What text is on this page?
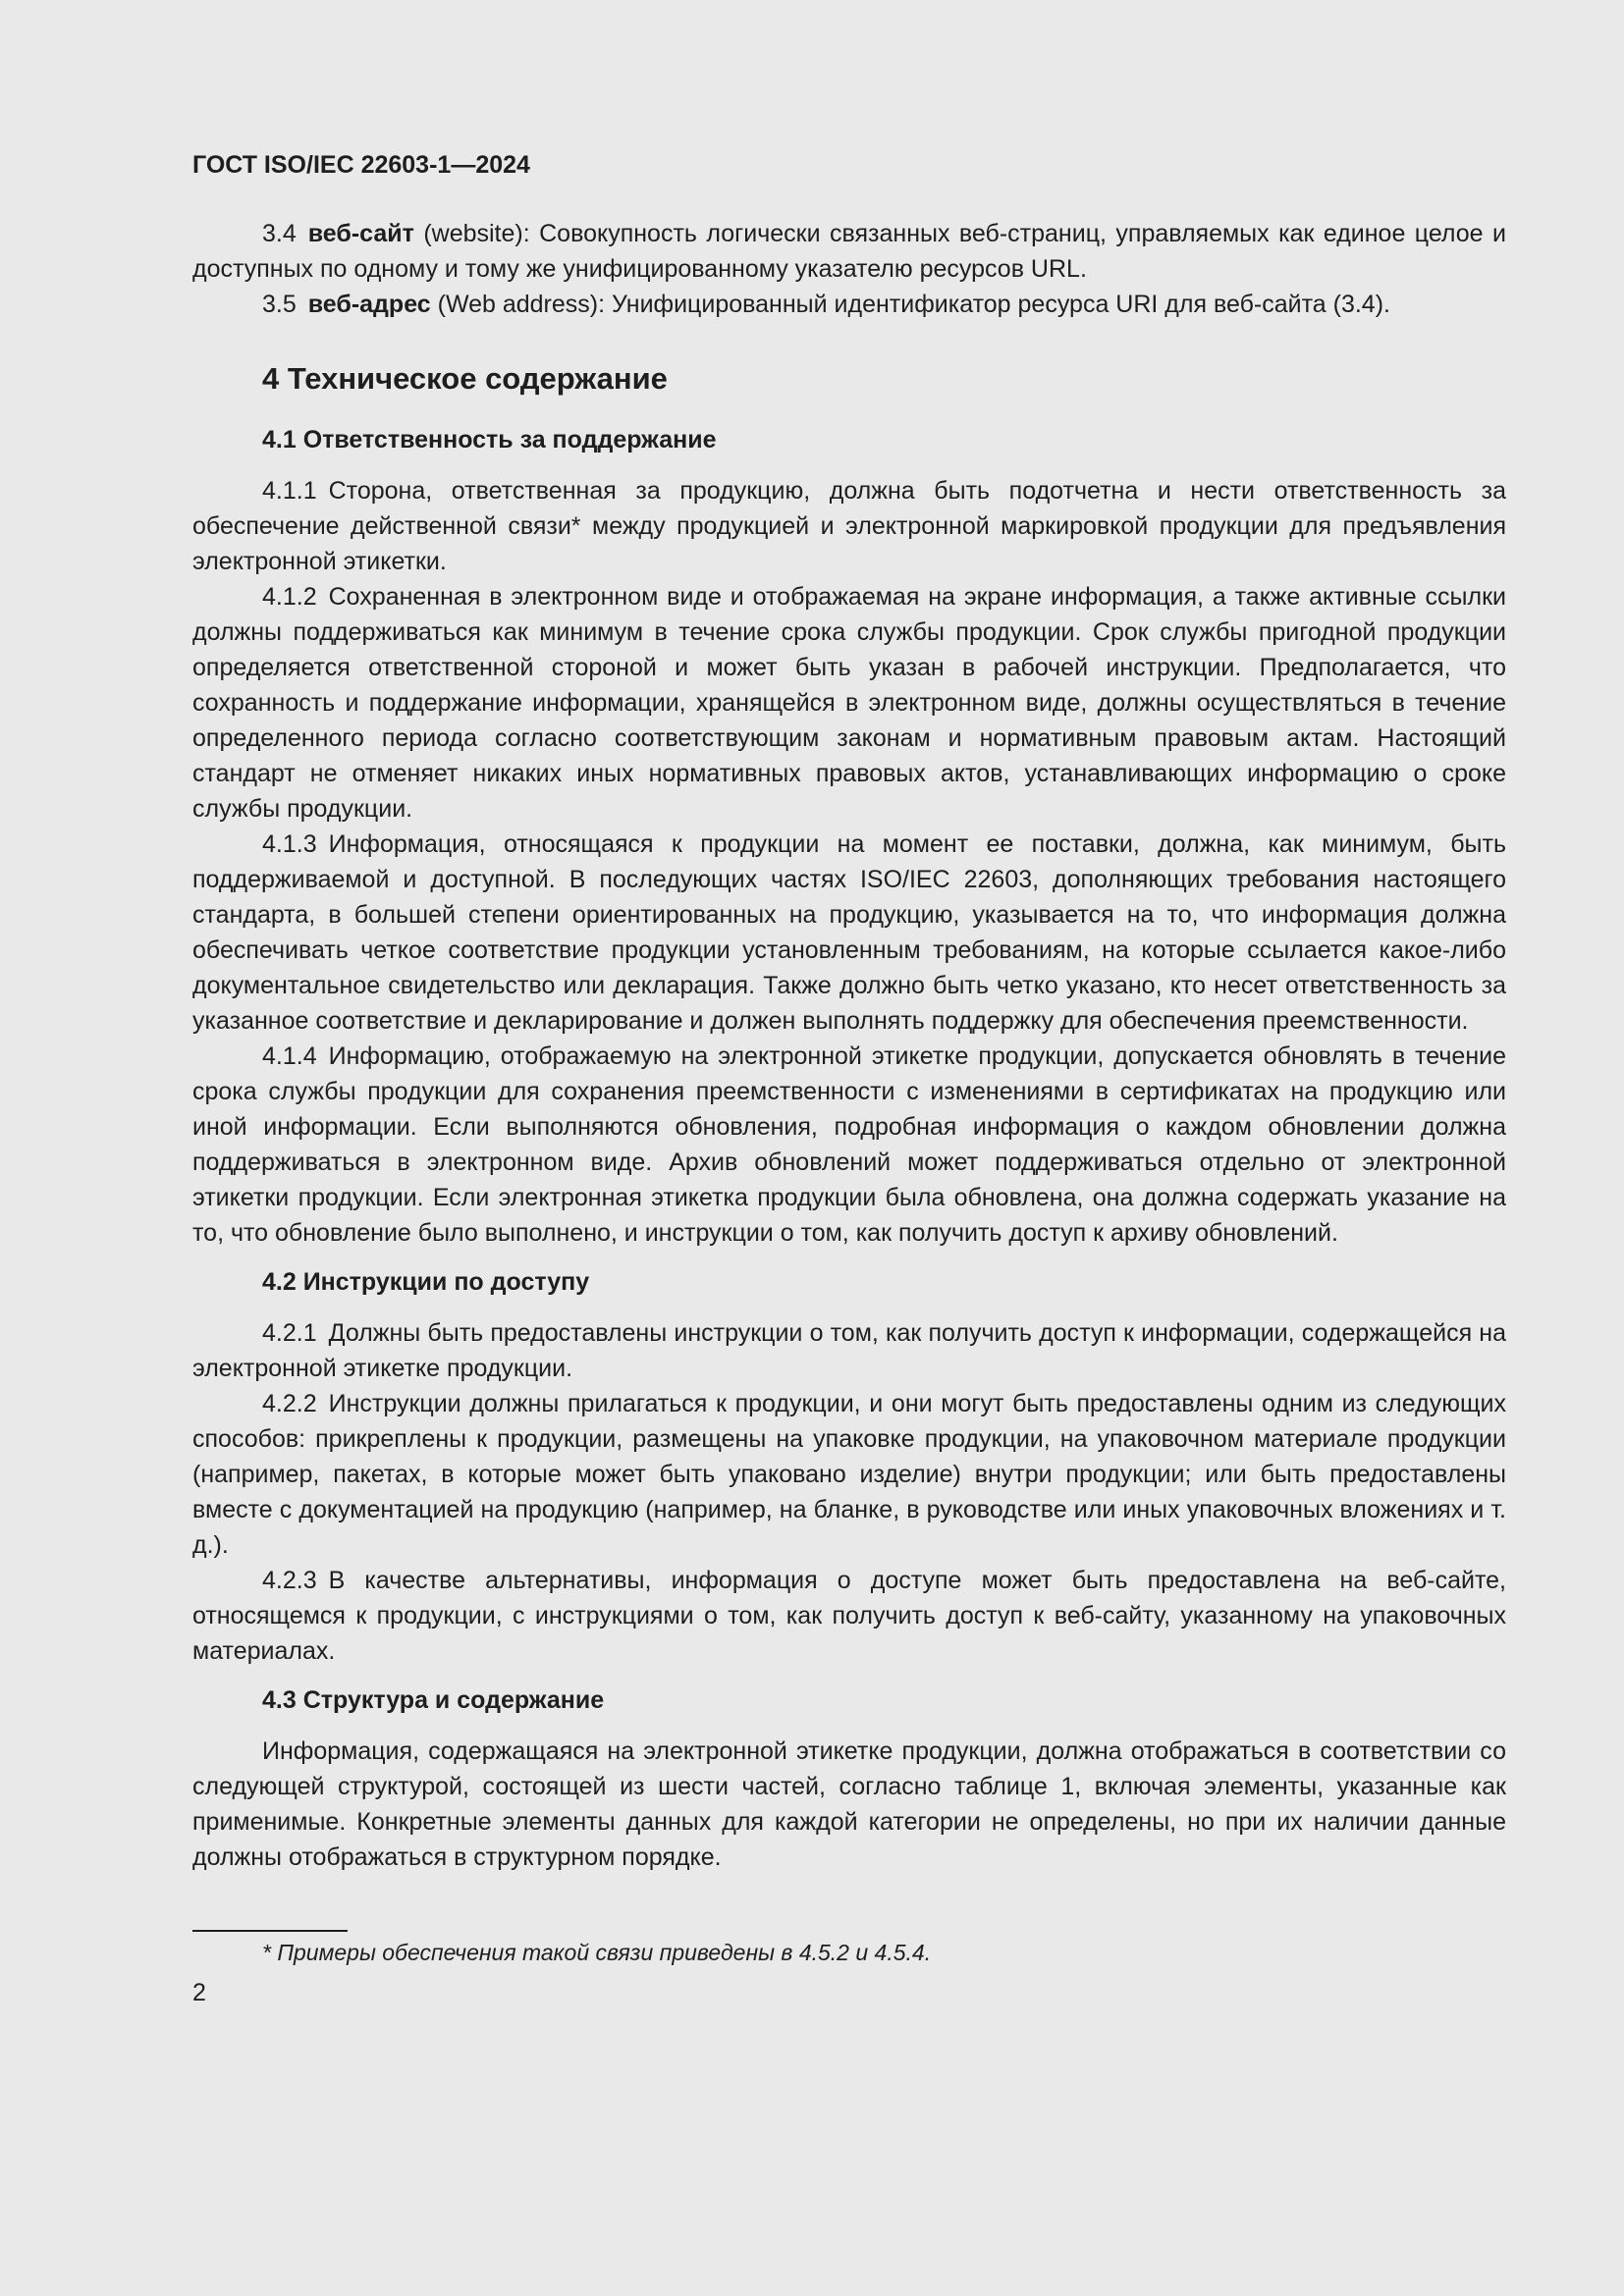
ГОСТ ISO/IEC 22603-1—2024

3.4 веб-сайт (website): Совокупность логически связанных веб-страниц, управляемых как единое целое и доступных по одному и тому же унифицированному указателю ресурсов URL.

3.5 веб-адрес (Web address): Унифицированный идентификатор ресурса URI для веб-сайта (3.4).

4 Техническое содержание
4.1 Ответственность за поддержание

4.1.1 Сторона, ответственная за продукцию, должна быть подотчетна и нести ответственность за обеспечение действенной связи* между продукцией и электронной маркировкой продукции для предъявления электронной этикетки.

4.1.2 Сохраненная в электронном виде и отображаемая на экране информация, а также активные ссылки должны поддерживаться как минимум в течение срока службы продукции. Срок службы пригодной продукции определяется ответственной стороной и может быть указан в рабочей инструкции. Предполагается, что сохранность и поддержание информации, хранящейся в электронном виде, должны осуществляться в течение определенного периода согласно соответствующим законам и нормативным правовым актам. Настоящий стандарт не отменяет никаких иных нормативных правовых актов, устанавливающих информацию о сроке службы продукции.

4.1.3 Информация, относящаяся к продукции на момент ее поставки, должна, как минимум, быть поддерживаемой и доступной. В последующих частях ISO/IEC 22603, дополняющих требования настоящего стандарта, в большей степени ориентированных на продукцию, указывается на то, что информация должна обеспечивать четкое соответствие продукции установленным требованиям, на которые ссылается какое-либо документальное свидетельство или декларация. Также должно быть четко указано, кто несет ответственность за указанное соответствие и декларирование и должен выполнять поддержку для обеспечения преемственности.

4.1.4 Информацию, отображаемую на электронной этикетке продукции, допускается обновлять в течение срока службы продукции для сохранения преемственности с изменениями в сертификатах на продукцию или иной информации. Если выполняются обновления, подробная информация о каждом обновлении должна поддерживаться в электронном виде. Архив обновлений может поддерживаться отдельно от электронной этикетки продукции. Если электронная этикетка продукции была обновлена, она должна содержать указание на то, что обновление было выполнено, и инструкции о том, как получить доступ к архиву обновлений.

4.2 Инструкции по доступу

4.2.1 Должны быть предоставлены инструкции о том, как получить доступ к информации, содержащейся на электронной этикетке продукции.

4.2.2 Инструкции должны прилагаться к продукции, и они могут быть предоставлены одним из следующих способов: прикреплены к продукции, размещены на упаковке продукции, на упаковочном материале продукции (например, пакетах, в которые может быть упаковано изделие) внутри продукции; или быть предоставлены вместе с документацией на продукцию (например, на бланке, в руководстве или иных упаковочных вложениях и т. д.).

4.2.3 В качестве альтернативы, информация о доступе может быть предоставлена на веб-сайте, относящемся к продукции, с инструкциями о том, как получить доступ к веб-сайту, указанному на упаковочных материалах.

4.3 Структура и содержание

Информация, содержащаяся на электронной этикетке продукции, должна отображаться в соответствии со следующей структурой, состоящей из шести частей, согласно таблице 1, включая элементы, указанные как применимые. Конкретные элементы данных для каждой категории не определены, но при их наличии данные должны отображаться в структурном порядке.

* Примеры обеспечения такой связи приведены в 4.5.2 и 4.5.4.

2
